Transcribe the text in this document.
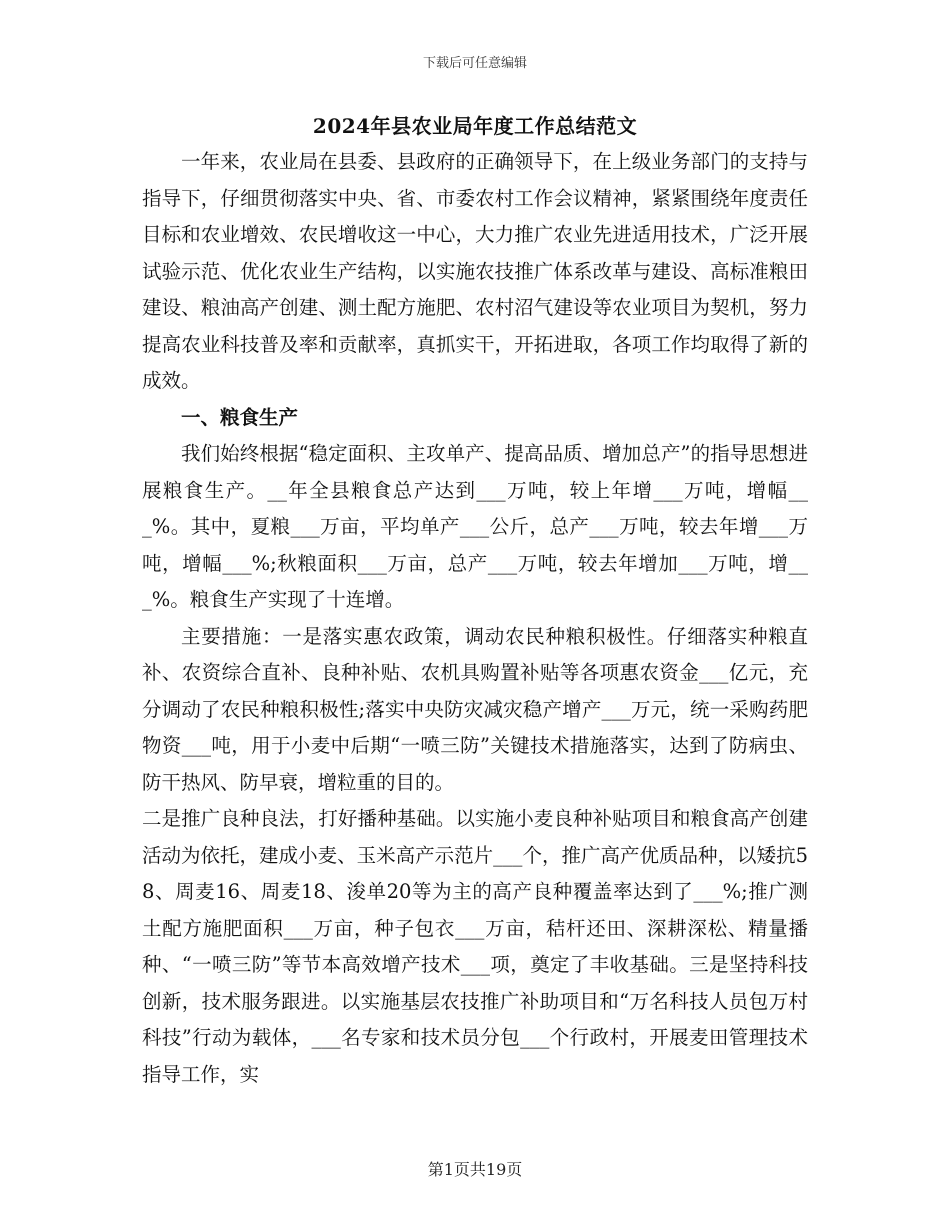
下载后可任意编辑
2024年县农业局年度工作总结范文

一年来，农业局在县委、县政府的正确领导下，在上级业务部门的支持与指导下，仔细贯彻落实中央、省、市委农村工作会议精神，紧紧围绕年度责任目标和农业增效、农民增收这一中心，大力推广农业先进适用技术，广泛开展试验示范、优化农业生产结构，以实施农技推广体系改革与建设、高标准粮田建设、粮油高产创建、测土配方施肥、农村沼气建设等农业项目为契机，努力提高农业科技普及率和贡献率，真抓实干，开拓进取，各项工作均取得了新的成效。

一、粮食生产

我们始终根据“稳定面积、主攻单产、提高品质、增加总产”的指导思想进展粮食生产。__年全县粮食总产达到___万吨，较上年增___万吨，增幅___%。其中，夏粮___万亩，平均单产___公斤，总产___万吨，较去年增___万吨，增幅___%;秋粮面积___万亩，总产___万吨，较去年增加___万吨，增___%。粮食生产实现了十连增。

主要措施：一是落实惠农政策，调动农民种粮积极性。仔细落实种粮直补、农资综合直补、良种补贴、农机具购置补贴等各项惠农资金___亿元，充分调动了农民种粮积极性;落实中央防灾减灾稳产增产___万元，统一采购药肥物资___吨，用于小麦中后期“一喷三防”关键技术措施落实，达到了防病虫、防干热风、防早衰，增粒重的目的。

二是推广良种良法，打好播种基础。以实施小麦良种补贴项目和粮食高产创建活动为依托，建成小麦、玉米高产示范片___个，推广高产优质品种，以矮抗58、周麦16、周麦18、浚单20等为主的高产良种覆盖率达到了___%;推广测土配方施肥面积___万亩，种子包衣___万亩，秸杆还田、深耕深松、精量播种、“一喷三防”等节本高效增产技术___项，奠定了丰收基础。三是坚持科技创新，技术服务跟进。以实施基层农技推广补助项目和“万名科技人员包万村科技”行动为载体，___名专家和技术员分包___个行政村，开展麦田管理技术指导工作，实

第1页共19页
